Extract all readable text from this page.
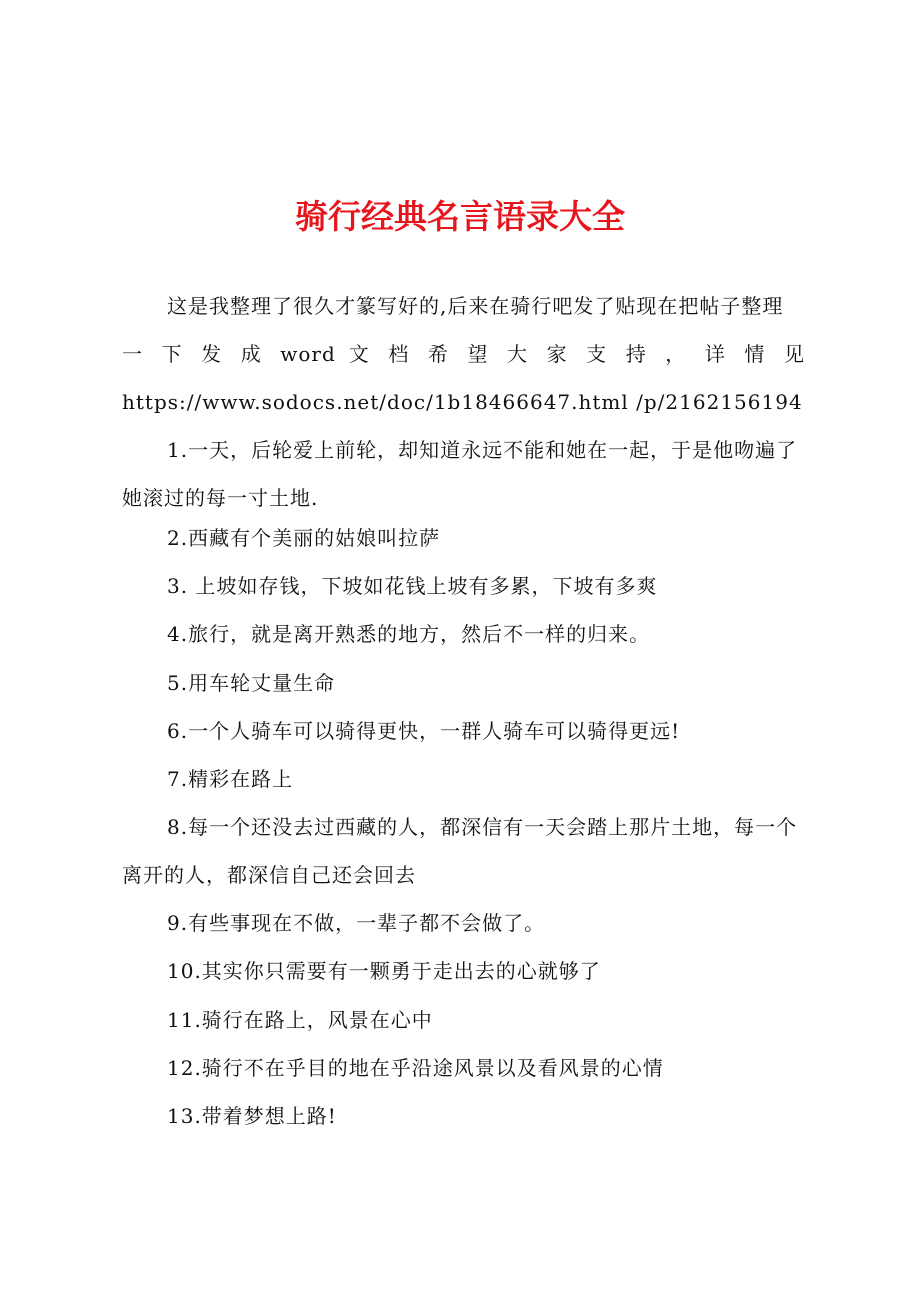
骑行经典名言语录大全
这是我整理了很久才篆写好的,后来在骑行吧发了贴现在把帖子整理
一 下 发 成 word 文 档 希 望 大 家 支 持 ， 详 情 见
https://www.sodocs.net/doc/1b18466647.html /p/2162156194

1.一天，后轮爱上前轮，却知道永远不能和她在一起，于是他吻遍了她滚过的每一寸土地.

2.西藏有个美丽的姑娘叫拉萨

3. 上坡如存钱，下坡如花钱上坡有多累，下坡有多爽

4.旅行，就是离开熟悉的地方，然后不一样的归来。

5.用车轮丈量生命

6.一个人骑车可以骑得更快，一群人骑车可以骑得更远!

7.精彩在路上

8.每一个还没去过西藏的人，都深信有一天会踏上那片土地，每一个离开的人，都深信自己还会回去

9.有些事现在不做，一辈子都不会做了。

10.其实你只需要有一颗勇于走出去的心就够了

11.骑行在路上，风景在心中

12.骑行不在乎目的地在乎沿途风景以及看风景的心情

13.带着梦想上路!
